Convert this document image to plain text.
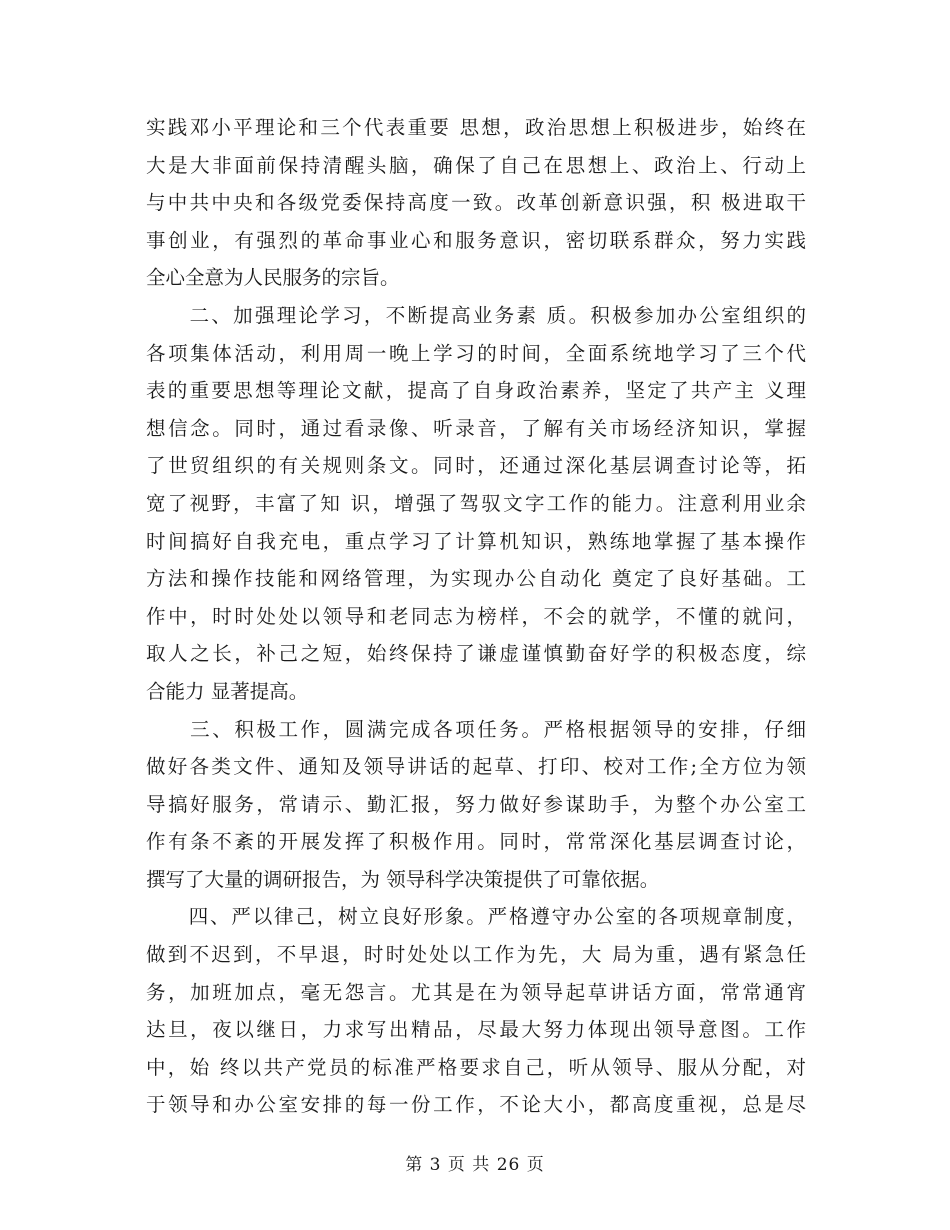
实践邓小平理论和三个代表重要 思想，政治思想上积极进步，始终在
大是大非面前保持清醒头脑，确保了自己在思想上、政治上、行动上
与中共中央和各级党委保持高度一致。改革创新意识强，积 极进取干
事创业，有强烈的革命事业心和服务意识，密切联系群众，努力实践
全心全意为人民服务的宗旨。
　　二、加强理论学习，不断提高业务素 质。积极参加办公室组织的
各项集体活动，利用周一晚上学习的时间，全面系统地学习了三个代
表的重要思想等理论文献，提高了自身政治素养，坚定了共产主 义理
想信念。同时，通过看录像、听录音，了解有关市场经济知识，掌握
了世贸组织的有关规则条文。同时，还通过深化基层调查讨论等，拓
宽了视野，丰富了知 识，增强了驾驭文字工作的能力。注意利用业余
时间搞好自我充电，重点学习了计算机知识，熟练地掌握了基本操作
方法和操作技能和网络管理，为实现办公自动化 奠定了良好基础。工
作中，时时处处以领导和老同志为榜样，不会的就学，不懂的就问，
取人之长，补己之短，始终保持了谦虚谨慎勤奋好学的积极态度，综
合能力 显著提高。
　　三、积极工作，圆满完成各项任务。严格根据领导的安排，仔细
做好各类文件、通知及领导讲话的起草、打印、校对工作;全方位为领
导搞好服务，常请示、勤汇报，努力做好参谋助手，为整个办公室工
作有条不紊的开展发挥了积极作用。同时，常常深化基层调查讨论，
撰写了大量的调研报告，为 领导科学决策提供了可靠依据。
　　四、严以律己，树立良好形象。严格遵守办公室的各项规章制度，
做到不迟到，不早退，时时处处以工作为先，大 局为重，遇有紧急任
务，加班加点，毫无怨言。尤其是在为领导起草讲话方面，常常通宵
达旦，夜以继日，力求写出精品，尽最大努力体现出领导意图。工作
中，始 终以共产党员的标准严格要求自己，听从领导、服从分配，对
于领导和办公室安排的每一份工作，不论大小，都高度重视，总是尽
第 3 页 共 26 页
